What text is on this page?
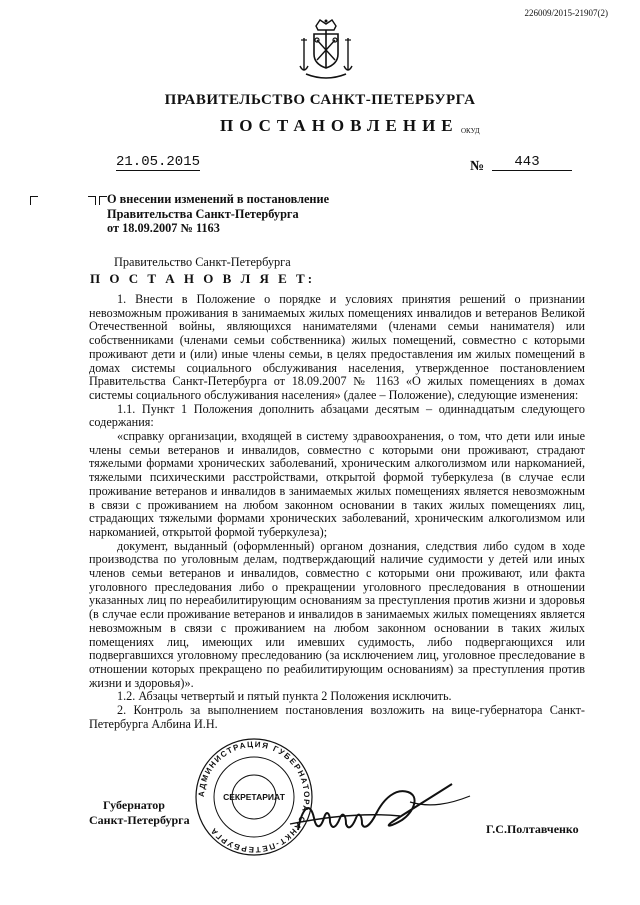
226009/2015-21907(2)
ПРАВИТЕЛЬСТВО САНКТ-ПЕТЕРБУРГА
ПОСТАНОВЛЕНИЕ ОКУД
21.05.2015	№	443
О внесении изменений в постановление
Правительства Санкт-Петербурга
от 18.09.2007 № 1163
Правительство Санкт-Петербурга
П О С Т А Н О В Л Я Е Т:

1. Внести в Положение о порядке и условиях принятия решений о признании невозможным проживания в занимаемых жилых помещениях инвалидов и ветеранов Великой Отечественной войны, являющихся нанимателями (членами семьи нанимателя) или собственниками (членами семьи собственника) жилых помещений, совместно с которыми проживают дети и (или) иные члены семьи, в целях предоставления им жилых помещений в домах системы социального обслуживания населения, утвержденное постановлением Правительства Санкт-Петербурга от 18.09.2007 № 1163 «О жилых помещениях в домах системы социального обслуживания населения» (далее – Положение), следующие изменения:

1.1. Пункт 1 Положения дополнить абзацами десятым – одиннадцатым следующего содержания:

«справку организации, входящей в систему здравоохранения, о том, что дети или иные члены семьи ветеранов и инвалидов, совместно с которыми они проживают, страдают тяжелыми формами хронических заболеваний, хроническим алкоголизмом или наркоманией, тяжелыми психическими расстройствами, открытой формой туберкулеза (в случае если проживание ветеранов и инвалидов в занимаемых жилых помещениях является невозможным в связи с проживанием на любом законном основании в таких жилых помещениях лиц, страдающих тяжелыми формами хронических заболеваний, хроническим алкоголизмом или наркоманией, открытой формой туберкулеза);

документ, выданный (оформленный) органом дознания, следствия либо судом в ходе производства по уголовным делам, подтверждающий наличие судимости у детей или иных членов семьи ветеранов и инвалидов, совместно с которыми они проживают, или факта уголовного преследования либо о прекращении уголовного преследования в отношении указанных лиц по нереабилитирующим основаниям за преступления против жизни и здоровья (в случае если проживание ветеранов и инвалидов в занимаемых жилых помещениях является невозможным в связи с проживанием на любом законном основании в таких жилых помещениях лиц, имеющих или имевших судимость, либо подвергающихся или подвергавшихся уголовному преследованию (за исключением лиц, уголовное преследование в отношении которых прекращено по реабилитирующим основаниям) за преступления против жизни и здоровья)».

1.2. Абзацы четвертый и пятый пункта 2 Положения исключить.

2. Контроль за выполнением постановления возложить на вице-губернатора Санкт-Петербурга Албина И.Н.

АДМИНИСТРАЦИЯ ГУБЕРНАТОРА САНКТ-ПЕТЕРБУРГА
СЕКРЕТАРИАТ
Губернатор
Санкт-Петербурга
Г.С.Полтавченко
